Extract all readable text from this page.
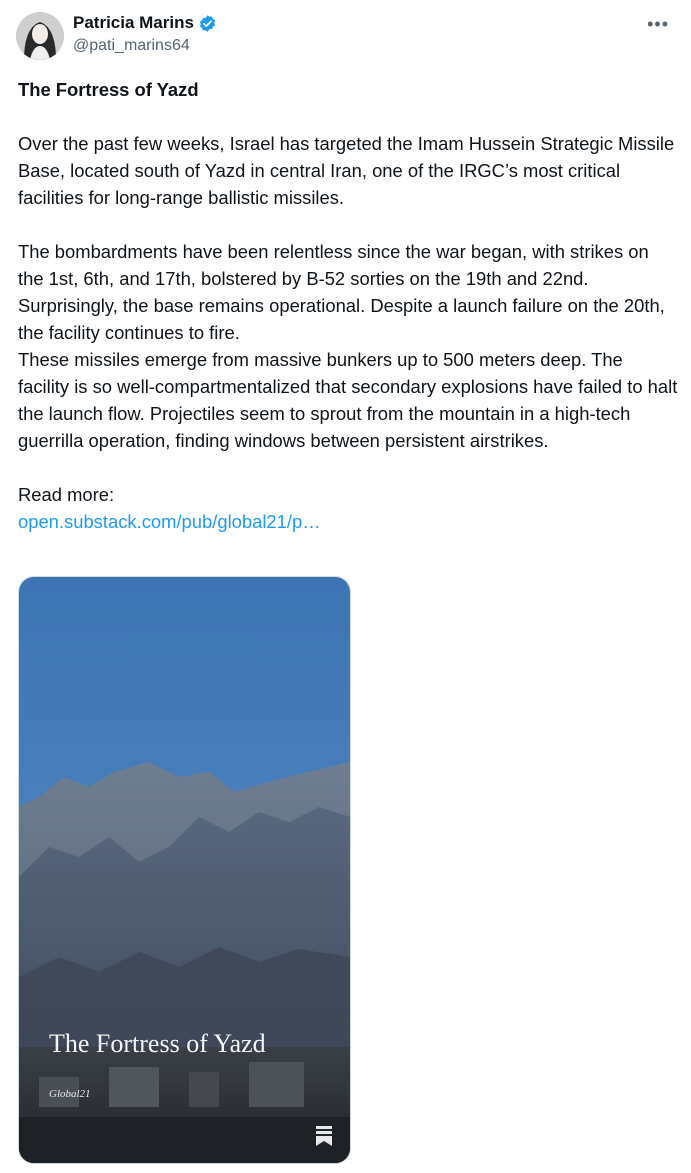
Patricia Marins
@pati_marins64
•••

The Fortress of Yazd

Over the past few weeks, Israel has targeted the Imam Hussein Strategic Missile Base, located south of Yazd in central Iran, one of the IRGC’s most critical facilities for long-range ballistic missiles.

The bombardments have been relentless since the war began, with strikes on the 1st, 6th, and 17th, bolstered by B-52 sorties on the 19th and 22nd. Surprisingly, the base remains operational. Despite a launch failure on the 20th, the facility continues to fire.

These missiles emerge from massive bunkers up to 500 meters deep. The facility is so well-compartmentalized that secondary explosions have failed to halt the launch flow. Projectiles seem to sprout from the mountain in a high-tech guerrilla operation, finding windows between persistent airstrikes.

Read more:

open.substack.com/pub/global21/p…

The Fortress of Yazd
Global21
